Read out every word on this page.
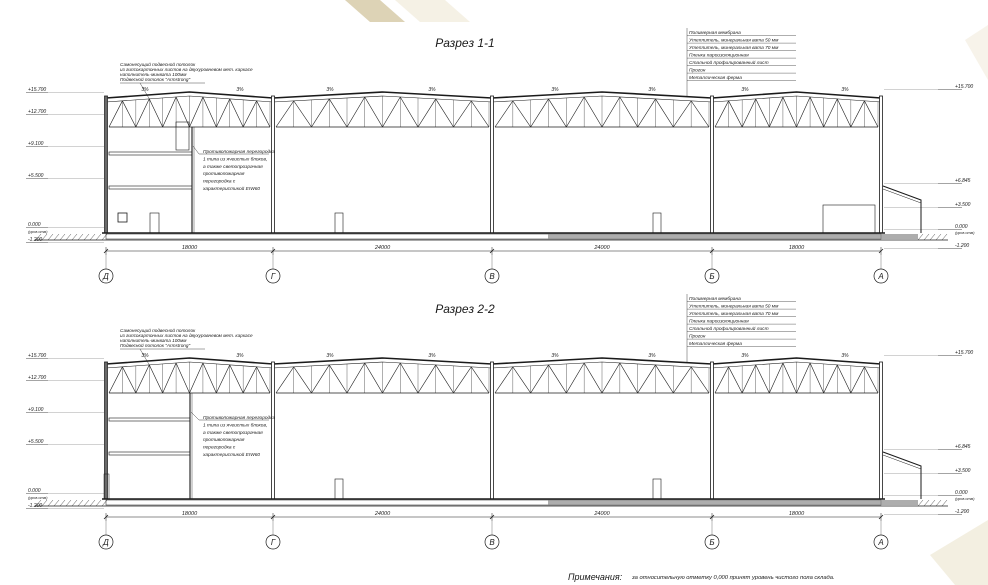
Разрез 1-1
3%	3%	3%	3%	3%	3%	3%	3%
Самонесущий подвесной потолок
из гипсокартонных листов на двухуровневом мет. каркасе
наполнитель-минвата 100мм
Подвесной потолок "Armstrong"
Полимерная мембрана
Утеплитель, минеральная вата 50 мм
Утеплитель, минеральная вата 70 мм
Пленка пароизоляционная
Стальной профилированный лист
Прогон
Металлическая ферма
Противопожарная перегородка
1 типа из ячеистых блоков,
а также светопрозрачная
противопожарная
перегородка с
характеристикой EIW60
+15.700
+12.700
+9.100
+5.500
0.000
-1.200
(уров.отм)
+15.700
+6.845
+3.500
0.000
-1.200
(уров.отм)
18000	24000	24000	18000
Д	Г	В	Б	А
Разрез 2-2
3%	3%	3%	3%	3%	3%	3%	3%
Самонесущий подвесной потолок
из гипсокартонных листов на двухуровневом мет. каркасе
наполнитель-минвата 100мм
Подвесной потолок "Armstrong"
Полимерная мембрана
Утеплитель, минеральная вата 50 мм
Утеплитель, минеральная вата 70 мм
Пленка пароизоляционная
Стальной профилированный лист
Прогон
Металлическая ферма
Противопожарная перегородка
1 типа из ячеистых блоков,
а также светопрозрачная
противопожарная
перегородка с
характеристикой EIW60
+15.700
+12.700
+9.100
+5.500
0.000
-1.200
(уров.отм)
+15.700
+6.845
+3.500
0.000
-1.200
(уров.отм)
18000	24000	24000	18000
Д	Г	В	Б	А
Примечания: за относительную отметку 0,000 принят уровень чистого пола склада.
